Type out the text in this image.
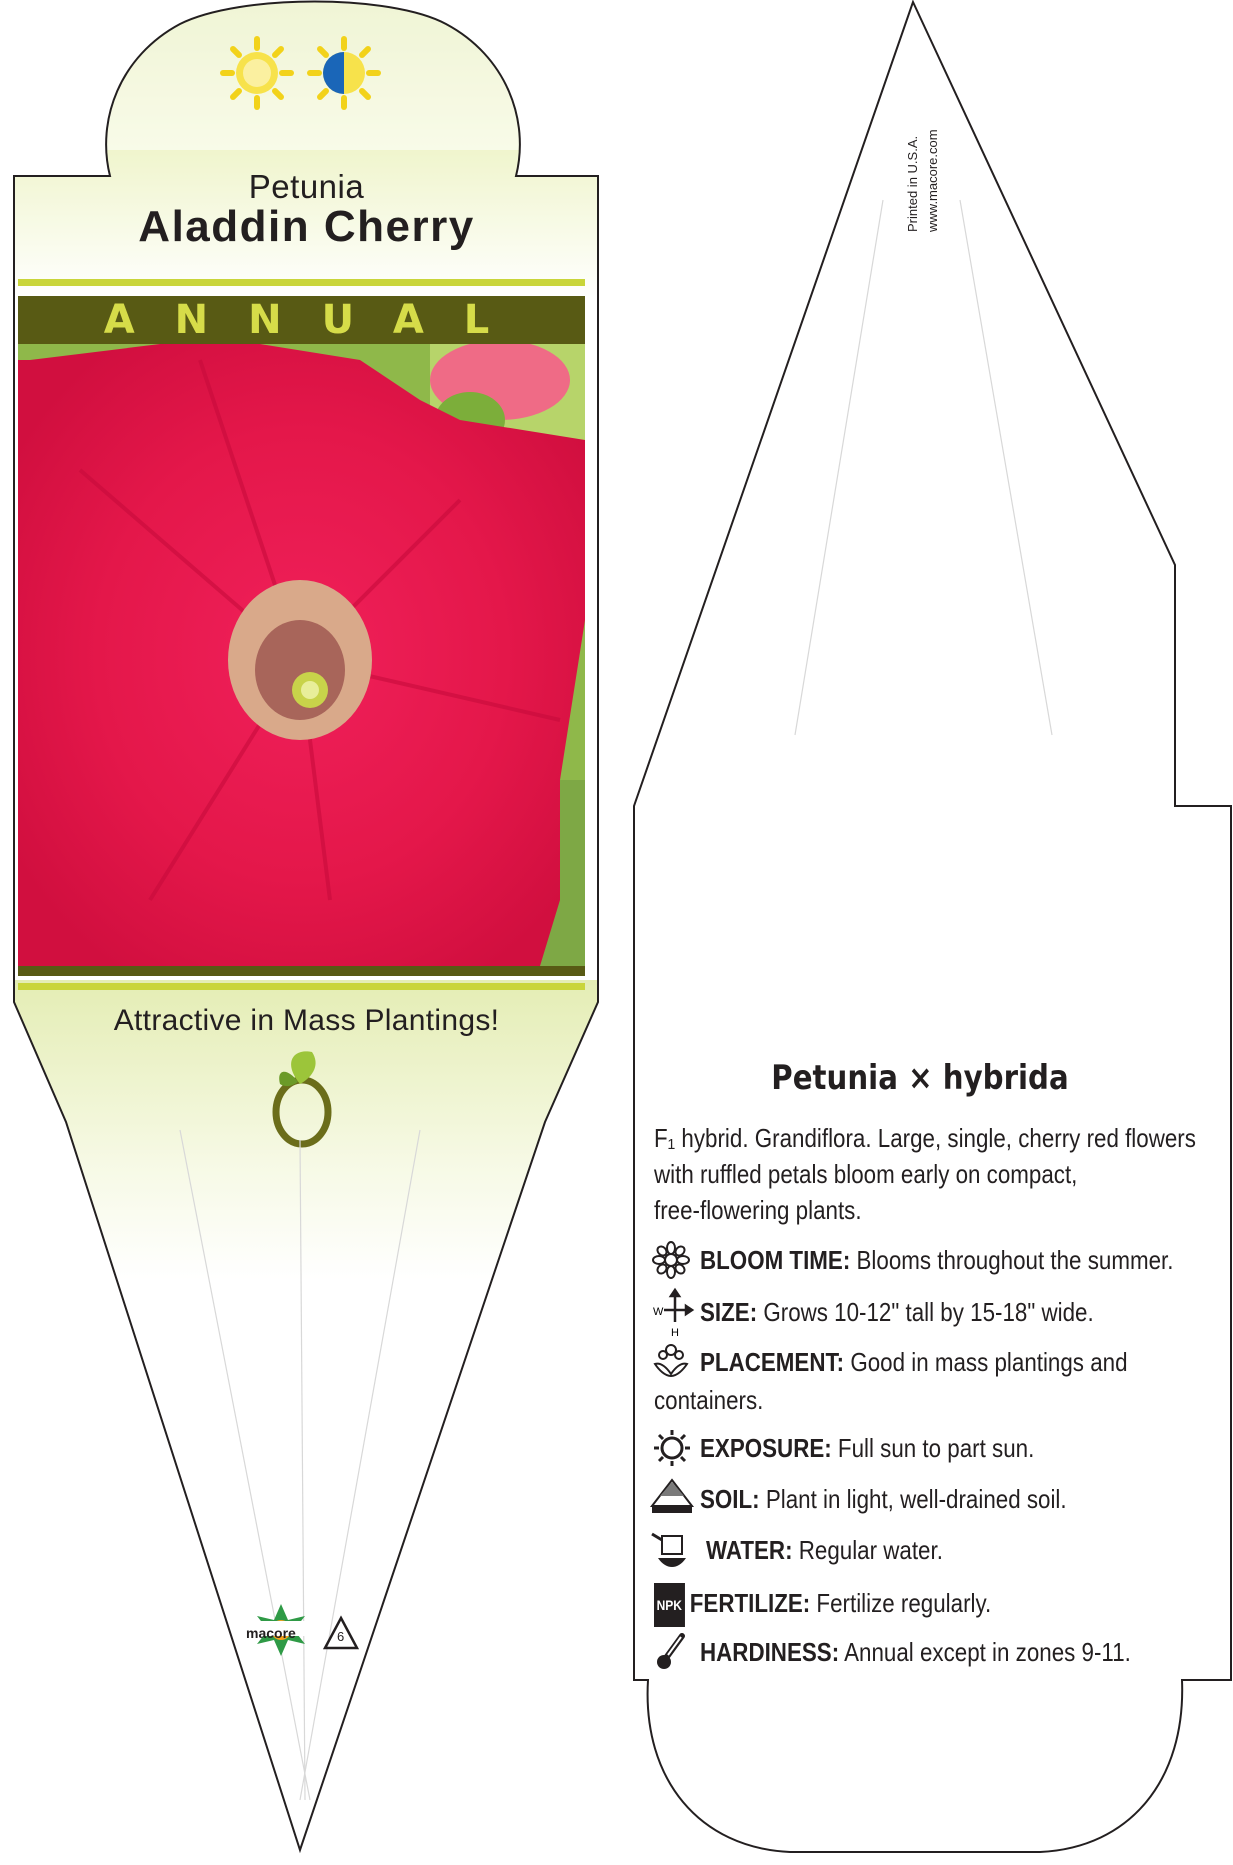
W
H
Petunia
Aladdin Cherry
ANNUAL
Attractive in Mass Plantings!
macore	6
Printed in U.S.A. www.macore.com
Petunia × hybrida
F₁ hybrid. Grandiflora. Large, single, cherry red flowers
with ruffled petals bloom early on compact,
free-flowering plants.
BLOOM TIME: Blooms throughout the summer.
SIZE: Grows 10-12" tall by 15-18" wide.
PLACEMENT: Good in mass plantings and
containers.
EXPOSURE: Full sun to part sun.
SOIL: Plant in light, well-drained soil.
WATER: Regular water.
NPK FERTILIZE: Fertilize regularly.
HARDINESS: Annual except in zones 9-11.
